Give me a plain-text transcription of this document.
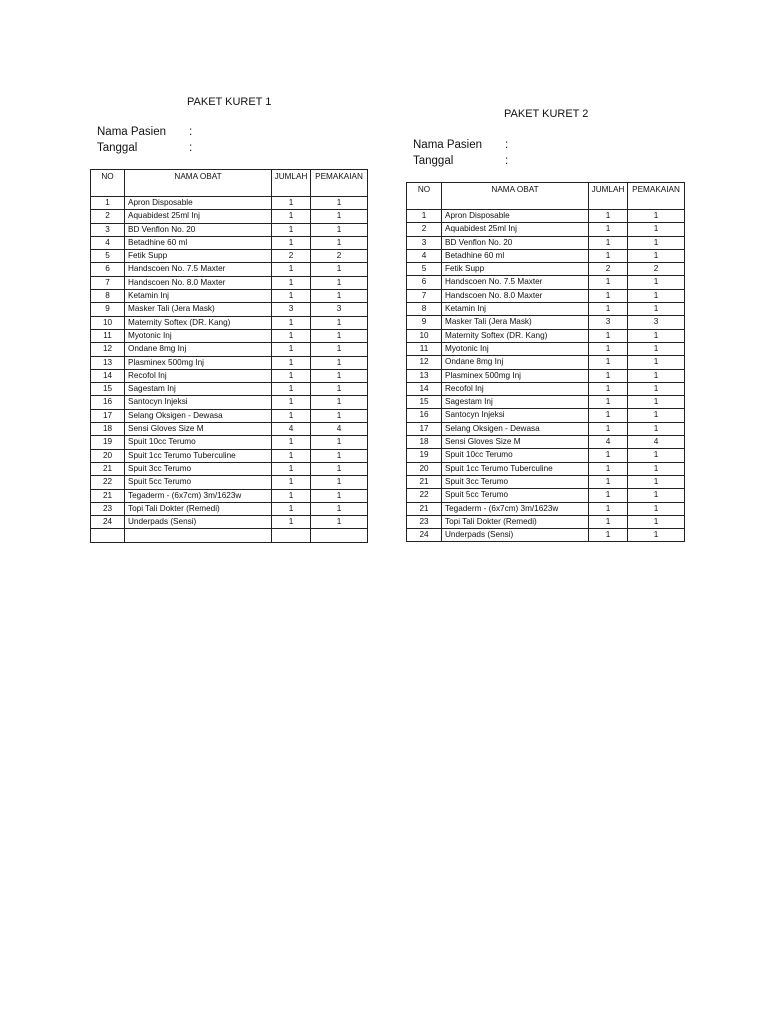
PAKET KURET 1
Nama Pasien :
Tanggal	:
NO	NAMA OBAT	JUMLAH	PEMAKAIAN
1	Apron Disposable	1	1
2	Aquabidest 25ml Inj	1	1
3	BD Venflon No. 20	1	1
4	Betadhine 60 ml	1	1
5	Fetik Supp	2	2
6	Handscoen No. 7.5 Maxter	1	1
7	Handscoen No. 8.0 Maxter	1	1
8	Ketamin Inj	1	1
9	Masker Tali (Jera Mask)	3	3
10	Maternity Softex (DR. Kang)	1	1
11	Myotonic Inj	1	1
12	Ondane 8mg Inj	1	1
13	Plasminex 500mg Inj	1	1
14	Recofol Inj	1	1
15	Sagestam Inj	1	1
16	Santocyn Injeksi	1	1
17	Selang Oksigen - Dewasa	1	1
18	Sensi Gloves Size M	4	4
19	Spuit 10cc Terumo	1	1
20	Spuit 1cc Terumo Tuberculine	1	1
21	Spuit 3cc Terumo	1	1
22	Spuit 5cc Terumo	1	1
21	Tegaderm - (6x7cm) 3m/1623w	1	1
23	Topi Tali Dokter (Remedi)	1	1
24	Underpads (Sensi)	1	1

PAKET KURET 2
Nama Pasien :
Tanggal	:
NO	NAMA OBAT	JUMLAH	PEMAKAIAN
1	Apron Disposable	1	1
2	Aquabidest 25ml Inj	1	1
3	BD Venflon No. 20	1	1
4	Betadhine 60 ml	1	1
5	Fetik Supp	2	2
6	Handscoen No. 7.5 Maxter	1	1
7	Handscoen No. 8.0 Maxter	1	1
8	Ketamin Inj	1	1
9	Masker Tali (Jera Mask)	3	3
10	Maternity Softex (DR. Kang)	1	1
11	Myotonic Inj	1	1
12	Ondane 8mg Inj	1	1
13	Plasminex 500mg Inj	1	1
14	Recofol Inj	1	1
15	Sagestam Inj	1	1
16	Santocyn Injeksi	1	1
17	Selang Oksigen - Dewasa	1	1
18	Sensi Gloves Size M	4	4
19	Spuit 10cc Terumo	1	1
20	Spuit 1cc Terumo Tuberculine	1	1
21	Spuit 3cc Terumo	1	1
22	Spuit 5cc Terumo	1	1
21	Tegaderm - (6x7cm) 3m/1623w	1	1
23	Topi Tali Dokter (Remedi)	1	1
24	Underpads (Sensi)	1	1
